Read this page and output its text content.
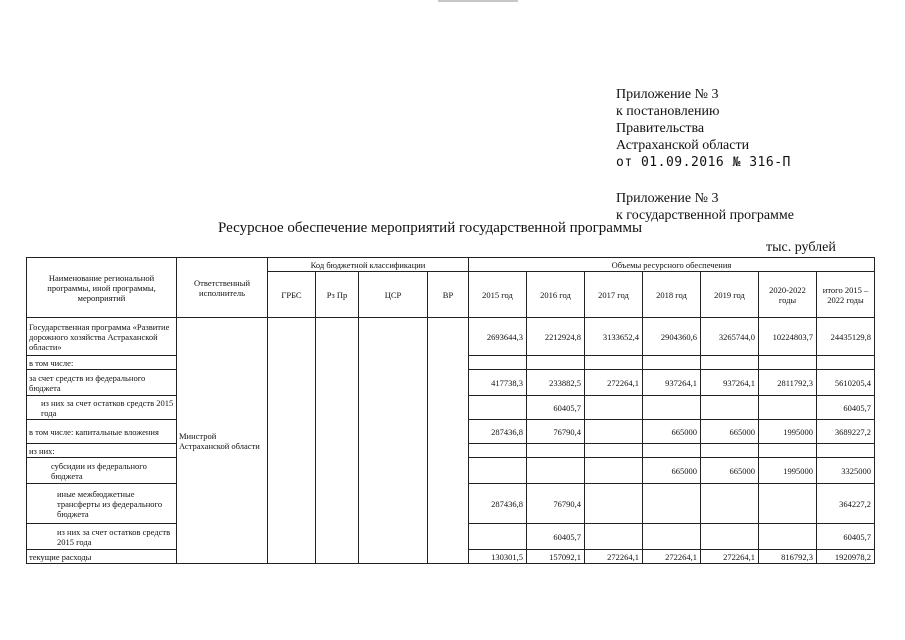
Приложение № 3
к постановлению
Правительства
Астраханской области
от 01.09.2016 № 316-П
Приложение № 3
к государственной программе
Ресурсное обеспечение мероприятий государственной программы
тыс. рублей
Наименование региональной программы, иной программы, мероприятий	Ответственный исполнитель	Код бюджетной классификации				Объемы ресурсного обеспечения						
		ГРБС	Рз Пр	ЦСР	ВР	2015 год	2016 год	2017 год	2018 год	2019 год	2020-2022 годы	итого 2015 – 2022 годы
Государственная программа «Развитие дорожного хозяйства Астраханской области»	Минстрой Астраханской области					2693644,3	2212924,8	3133652,4	2904360,6	3265744,0	10224803,7	24435129,8
в том числе:												
за счет средств из федерального бюджета						417738,3	233882,5	272264,1	937264,1	937264,1	2811792,3	5610205,4
из них за счет остатков средств 2015 года							60405,7					60405,7
в том числе: капитальные вложения						287436,8	76790,4		665000	665000	1995000	3689227,2
из них:												
субсидии из федерального бюджета									665000	665000	1995000	3325000
иные межбюджетные трансферты из федерального бюджета						287436,8	76790,4					364227,2
из них за счет остатков средств 2015 года							60405,7					60405,7
текущие расходы						130301,5	157092,1	272264,1	272264,1	272264,1	816792,3	1920978,2
